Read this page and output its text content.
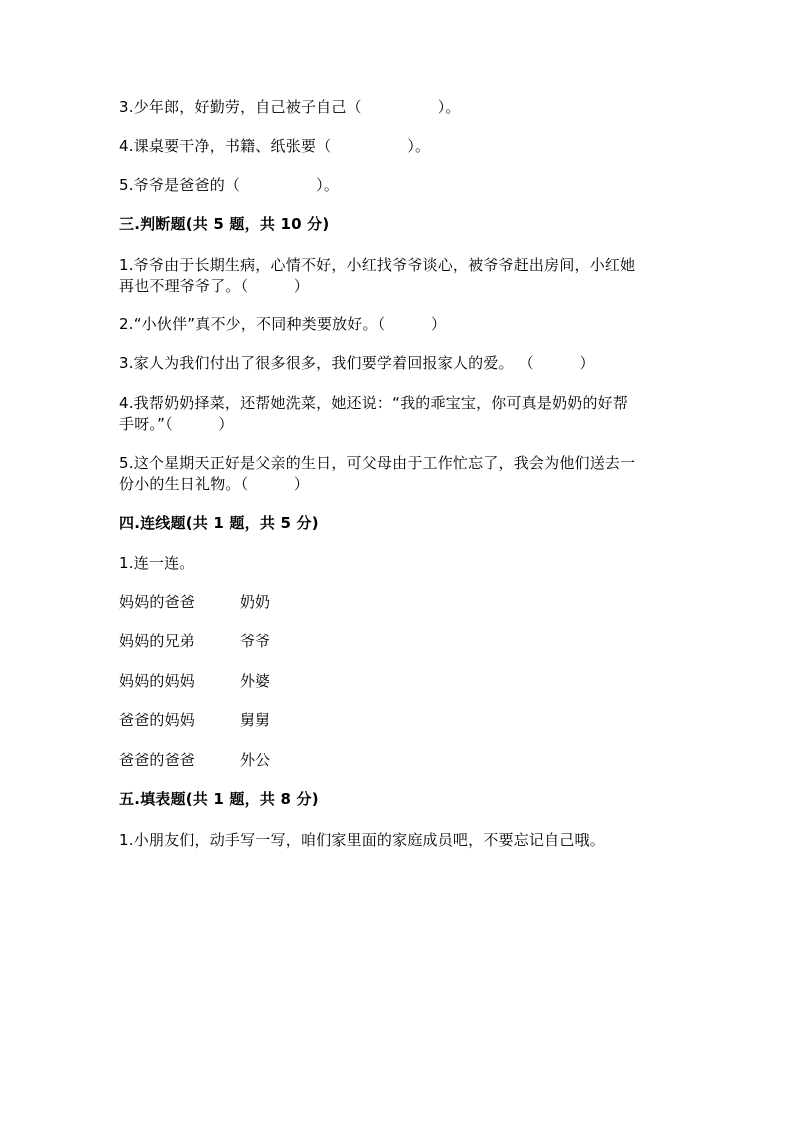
3.少年郎，好勤劳，自己被子自己（　　　　　）。
4.课桌要干净，书籍、纸张要（　　　　　）。
5.爷爷是爸爸的（　　　　　）。
三.判断题(共 5 题，共 10 分)
1.爷爷由于长期生病，心情不好，小红找爷爷谈心，被爷爷赶出房间，小红她
再也不理爷爷了。（　　　）
2.“小伙伴”真不少，不同种类要放好。（　　　）
3.家人为我们付出了很多很多，我们要学着回报家人的爱。 （　　　）
4.我帮奶奶择菜，还帮她洗菜，她还说：“我的乖宝宝，你可真是奶奶的好帮
手呀。”（　　　）
5.这个星期天正好是父亲的生日，可父母由于工作忙忘了，我会为他们送去一
份小的生日礼物。（　　　）
四.连线题(共 1 题，共 5 分)
1.连一连。
妈妈的爸爸	奶奶
妈妈的兄弟	爷爷
妈妈的妈妈	外婆
爸爸的妈妈	舅舅
爸爸的爸爸	外公
五.填表题(共 1 题，共 8 分)
1.小朋友们，动手写一写，咱们家里面的家庭成员吧，不要忘记自己哦。
